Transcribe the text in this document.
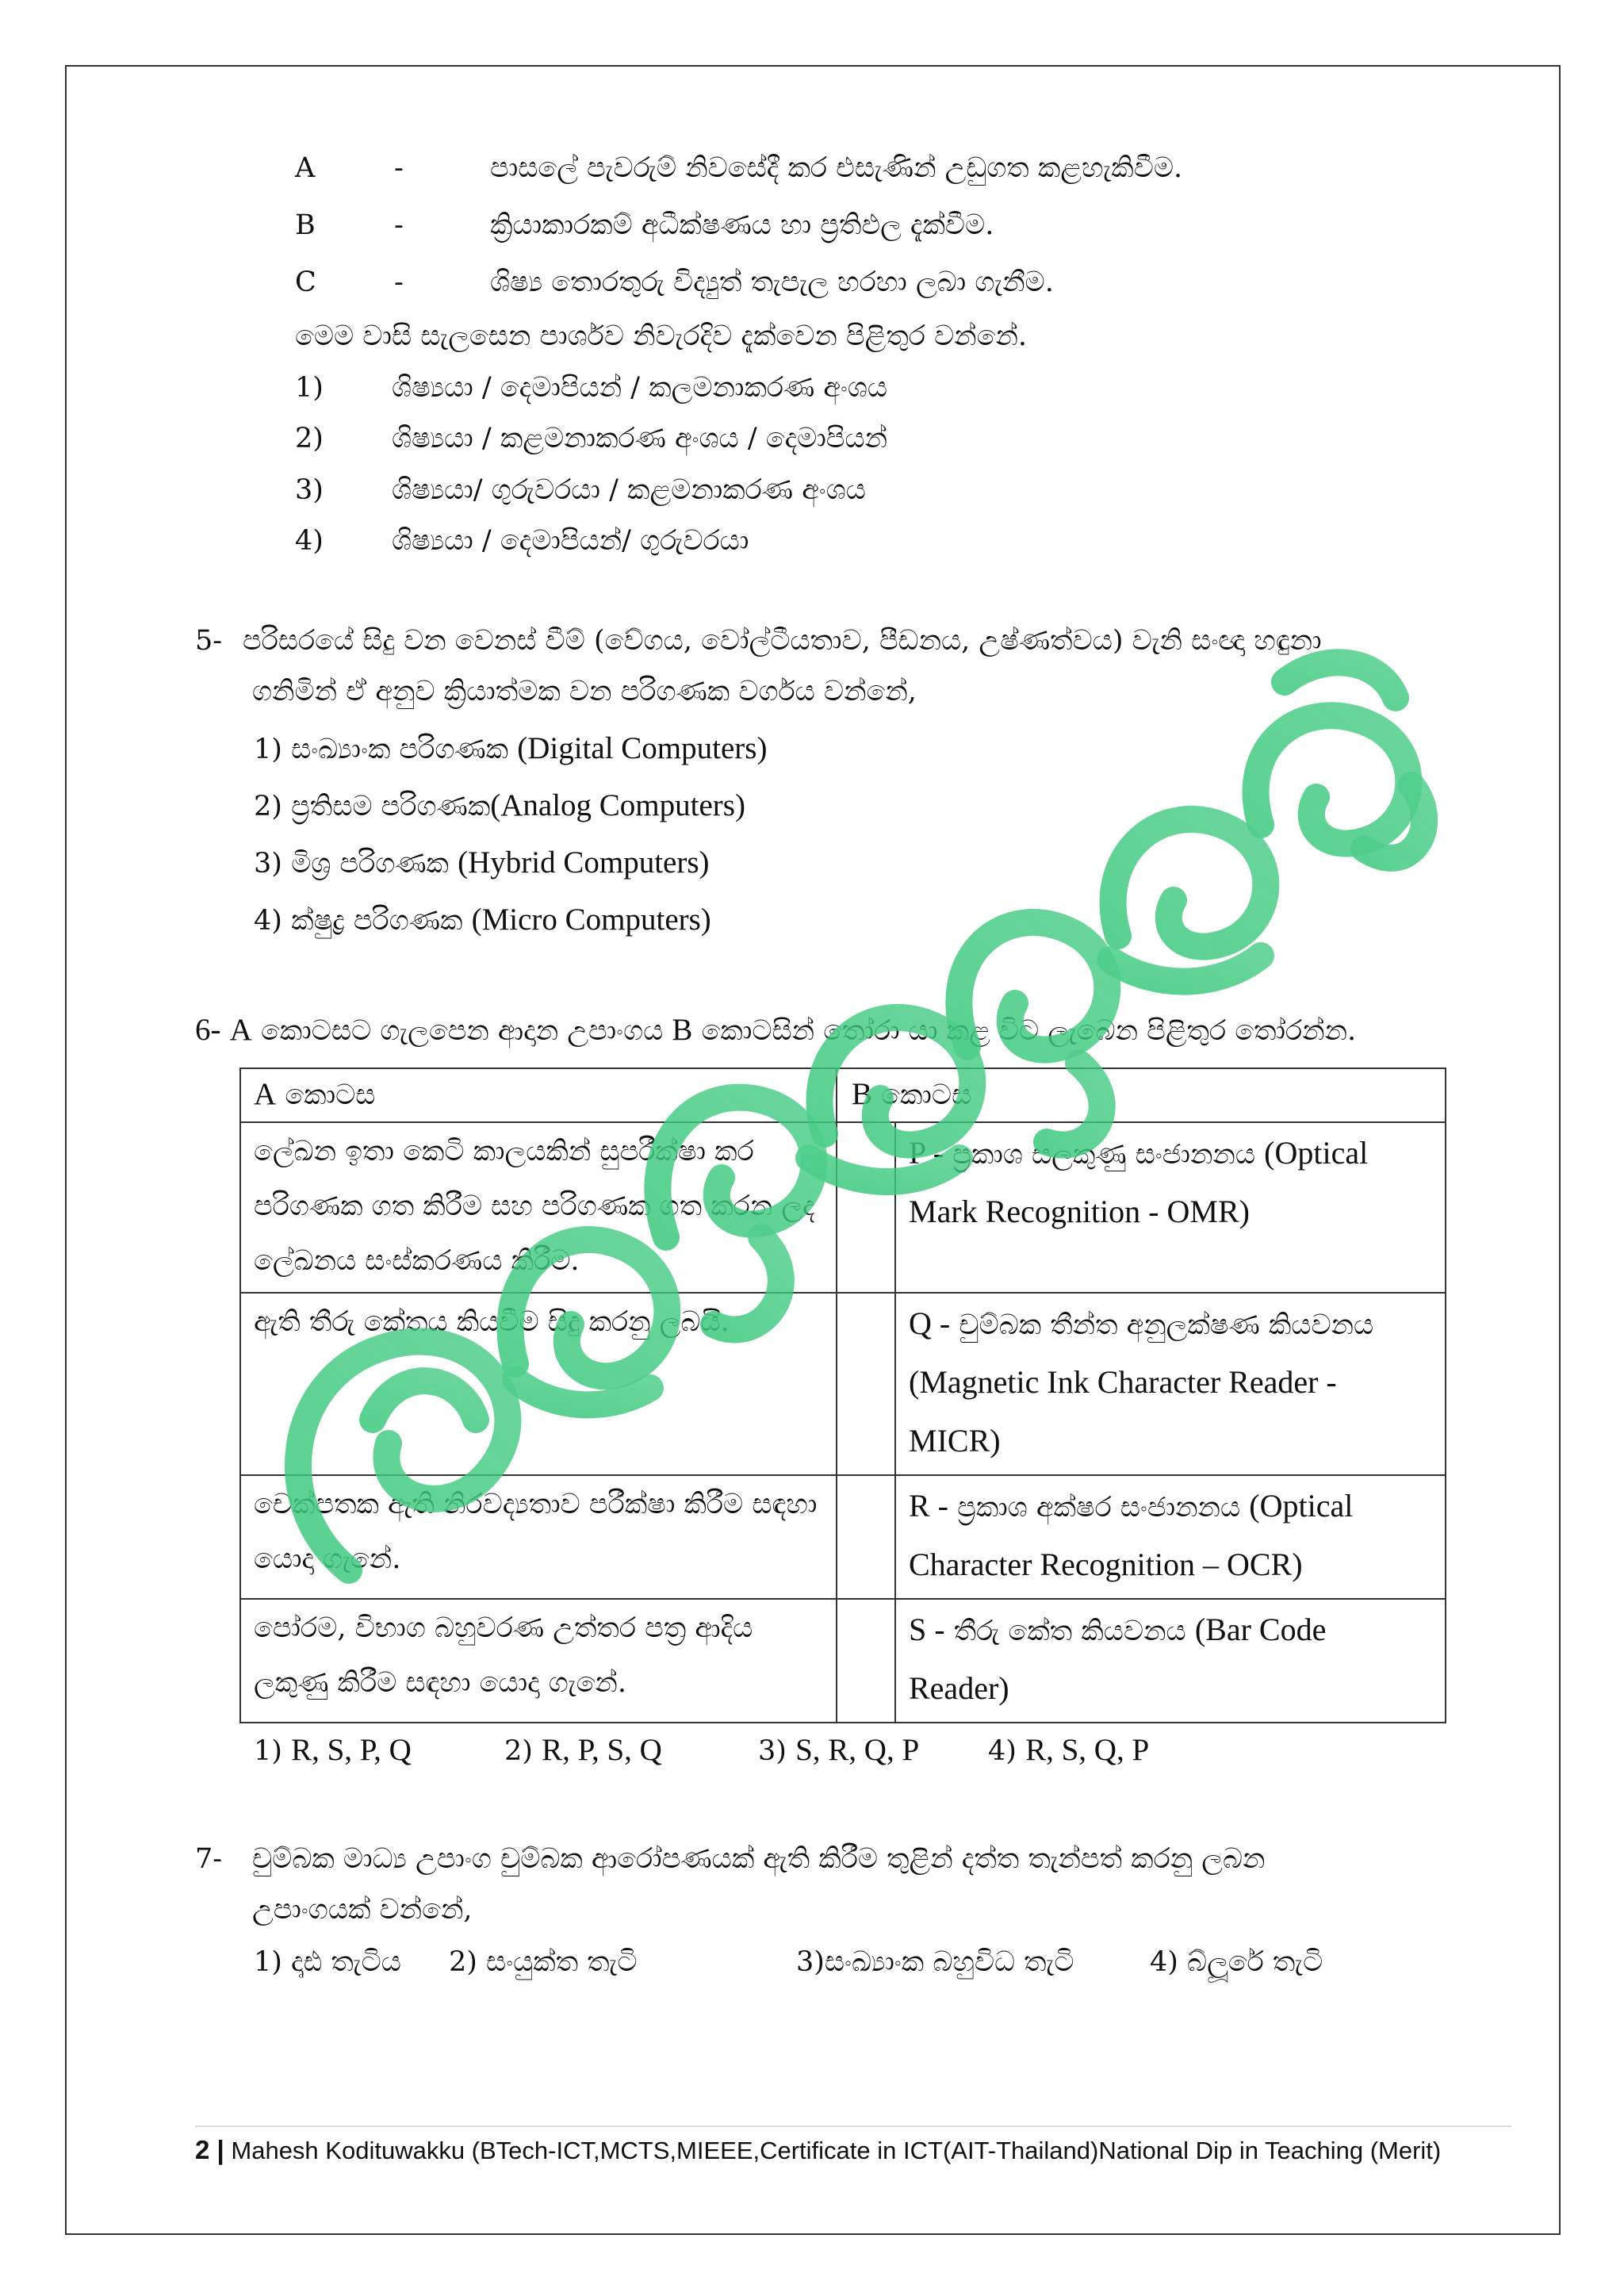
A	-	පාසලේ පැවරුම් නිවසේදී කර එසැණින් උඩුගත කළහැකිවීම.
B	-	ක්‍රියාකාරකම් අධීක්ෂණය හා ප්‍රතිඵල දැක්වීම.
C	-	ශිෂ්‍ය තොරතුරු විද්‍යුත් තැපැල හරහා ලබා ගැනීම.
මෙම වාසි සැලසෙන පාර්ශව නිවැරදිව දැක්වෙන පිළිතුර වන්නේ.
1) ශිෂ්‍යයා / දෙමාපියන් / කලමනාකරණ අංශය
2) ශිෂ්‍යයා / කළමනාකරණ අංශය / දෙමාපියන්
3) ශිෂ්‍යයා/ ගුරුවරයා / කළමනාකරණ අංශය
4) ශිෂ්‍යයා / දෙමාපියන්/ ගුරුවරයා
5- පරිසරයේ සිදු වන වෙනස් වීම් (වේගය, වෝල්ටීයතාව, පීඩනය, උෂ්ණත්වය) වැනි සංඥා හඳුනා
ගනිමින් ඒ අනුව ක්‍රියාත්මක වන පරිගණක වර්ගය වන්නේ,
1) සංඛ්‍යාංක පරිගණක (Digital Computers)
2) ප්‍රතිසම පරිගණක(Analog Computers)
3) මිශ්‍ර පරිගණක (Hybrid Computers)
4) ක්ෂුද්‍ර පරිගණක (Micro Computers)
6- A කොටසට ගැලපෙන ආදාන උපාංගය B කොටසින් තෝරා යා කළ විට ලැබෙන පිළිතුර තෝරන්න.
A කොටස	B කොටස	
ලේඛන ඉතා කෙටි කාලයකින් සුපරීක්ෂා කර පරිගණක ගත කිරීම සහ පරිගණක ගත කරන ලද ලේඛනය සංස්කරණය කිරීම.		P - ප්‍රකාශ සලකුණු සංජානනය (Optical Mark Recognition - OMR)
ඇති තීරු කේතය කියවීම සිදු කරනු ලබයි.		Q - චුම්බක තීන්ත අනුලක්ෂණ කියවනය (Magnetic Ink Character Reader - MICR)
චෙක්පතක ඇති නිරවද්‍යතාව පරීක්ෂා කිරීම සඳහා යොදා ගැනේ.		R - ප්‍රකාශ අක්ෂර සංජානනය (Optical Character Recognition – OCR)
පෝරම, විභාග බහුවරණ උත්තර පත්‍ර ආදිය ලකුණු කිරීම සඳහා යොදා ගැනේ.		S - තීරු කේත කියවනය (Bar Code Reader)
1) R, S, P, Q	2) R, P, S, Q	3) S, R, Q, P 4) R, S, Q, P
7- චුම්බක මාධ්‍ය උපාංග චුම්බක ආරෝපණයක් ඇති කිරීම තුළින් දත්ත තැන්පත් කරනු ලබන
උපාංගයක් වන්නේ,
1) දෘඪ තැටිය 2) සංයුක්ත තැටි	3)සංඛ්‍යාංක බහුවිධ තැටි	4) බ්ලූරේ තැටි
2 | Mahesh Kodituwakku (BTech-ICT,MCTS,MIEEE,Certificate in ICT(AIT-Thailand)National Dip in Teaching (Merit)
